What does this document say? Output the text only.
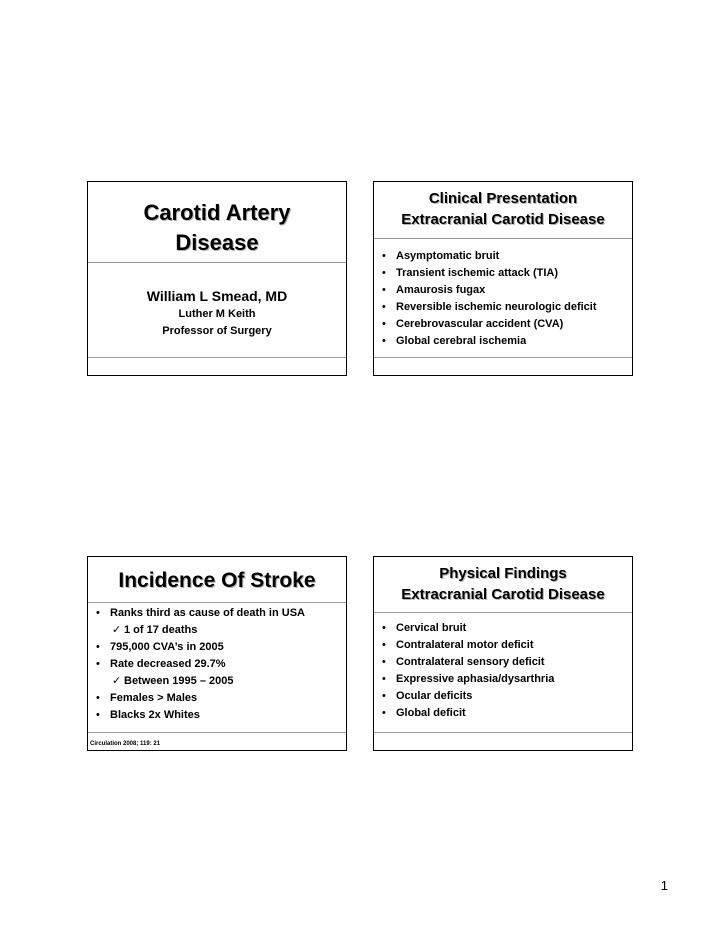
Carotid Artery
Disease
William L Smead, MD
Luther M Keith
Professor of Surgery
Clinical Presentation
Extracranial Carotid Disease
• Asymptomatic bruit
• Transient ischemic attack (TIA)
• Amaurosis fugax
• Reversible ischemic neurologic deficit
• Cerebrovascular accident (CVA)
• Global cerebral ischemia
Incidence Of Stroke
• Ranks third as cause of death in USA
✓ 1 of 17 deaths
• 795,000 CVA’s in 2005
• Rate decreased 29.7%
✓ Between 1995 – 2005
• Females > Males
• Blacks 2x Whites
Circulation 2008; 119: 21
Physical Findings
Extracranial Carotid Disease
• Cervical bruit
• Contralateral motor deficit
• Contralateral sensory deficit
• Expressive aphasia/dysarthria
• Ocular deficits
• Global deficit
1
